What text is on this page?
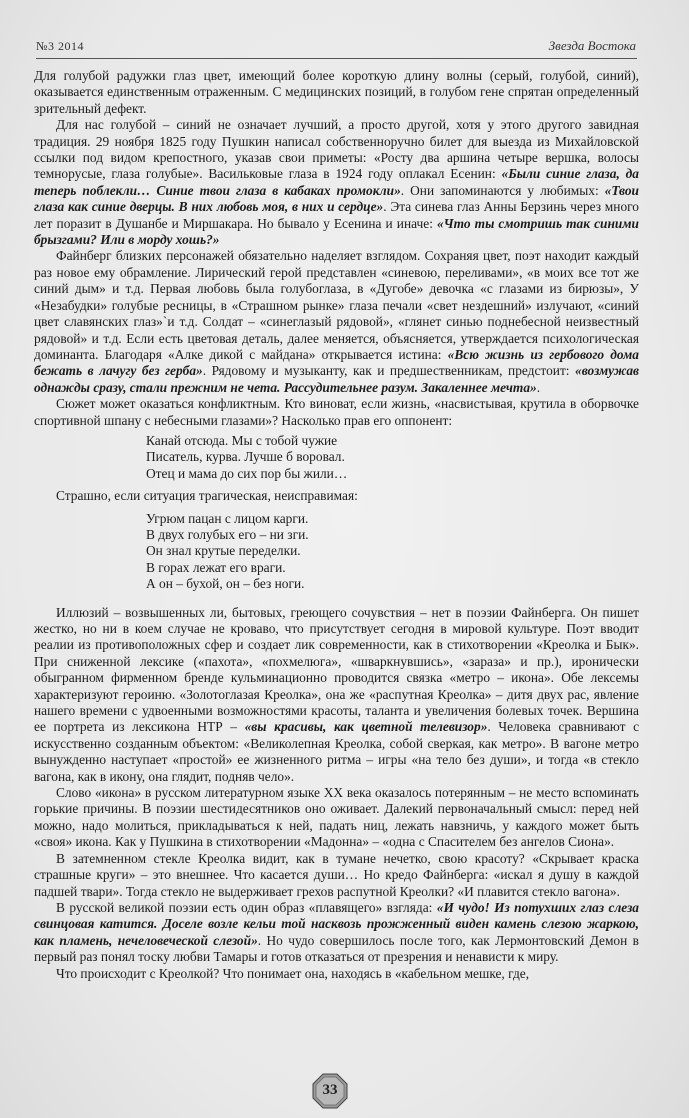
№3 2014	Звезда Востока

Для голубой радужки глаз цвет, имеющий более короткую длину волны (серый, голубой, синий), оказывается единственным отраженным. С медицинских позиций, в голубом гене спрятан определенный зрительный дефект.

Для нас голубой – синий не означает лучший, а просто другой, хотя у этого другого завидная традиция. 29 ноября 1825 году Пушкин написал собственноручно билет для выезда из Михайловской ссылки под видом крепостного, указав свои приметы: «Росту два аршина четыре вершка, волосы темнорусые, глаза голубые». Васильковые глаза в 1924 году оплакал Есенин: «Были синие глаза, да теперь поблекли… Синие твои глаза в кабаках промокли». Они запоминаются у любимых: «Твои глаза как синие дверцы. В них любовь моя, в них и сердце». Эта синева глаз Анны Берзинь через много лет поразит в Душанбе и Миршакара. Но бывало у Есенина и иначе: «Что ты смотришь так синими брызгами? Или в морду хошь?»

Файнберг близких персонажей обязательно наделяет взглядом. Сохраняя цвет, поэт находит каждый раз новое ему обрамление. Лирический герой представлен «синевою, переливами», «в моих все тот же синий дым» и т.д. Первая любовь была голубоглаза, в «Дугобе» девочка «с глазами из бирюзы», У «Незабудки» голубые ресницы, в «Страшном рынке» глаза печали «свет нездешний» излучают, «синий цвет славянских глаз»`и т.д. Солдат – «синеглазый рядовой», «глянет синью поднебесной неизвестный рядовой» и т.д. Если есть цветовая деталь, далее меняется, объясняется, утверждается психологическая доминанта. Благодаря «Алке дикой с майдана» открывается истина: «Всю жизнь из гербового дома бежать в лачугу без герба». Рядовому и музыканту, как и предшественникам, предстоит: «возмужав однажды сразу, стали прежним не чета. Рассудительнее разум. Закаленнее мечта».

Сюжет может оказаться конфликтным. Кто виноват, если жизнь, «насвистывая, крутила в оборвочке спортивной шпану с небесными глазами»? Насколько прав его оппонент:

Канай отсюда. Мы с тобой чужие
Писатель, курва. Лучше б воровал.
Отец и мама до сих пор бы жили…

Страшно, если ситуация трагическая, неисправимая:

Угрюм пацан с лицом карги.
В двух голубых его – ни зги.
Он знал крутые переделки.
В горах лежат его враги.
А он – бухой, он – без ноги.

Иллюзий – возвышенных ли, бытовых, греющего сочувствия – нет в поэзии Файнберга. Он пишет жестко, но ни в коем случае не кроваво, что присутствует сегодня в мировой культуре. Поэт вводит реалии из противоположных сфер и создает лик современности, как в стихотворении «Креолка и Бык». При сниженной лексике («пахота», «похмелюга», «шваркнувшись», «зараза» и пр.), иронически обыгранном фирменном бренде кульминационно проводится связка «метро – икона». Обе лексемы характеризуют героиню. «Золотоглазая Креолка», она же «распутная Креолка» – дитя двух рас, явление нашего времени с удвоенными возможностями красоты, таланта и увеличения болевых точек. Вершина ее портрета из лексикона НТР – «вы красивы, как цветной телевизор». Человека сравнивают с искусственно созданным объектом: «Великолепная Креолка, собой сверкая, как метро». В вагоне метро вынужденно наступает «простой» ее жизненного ритма – игры «на тело без души», и тогда «в стекло вагона, как в икону, она глядит, подняв чело».

Слово «икона» в русском литературном языке XX века оказалось потерянным – не место вспоминать горькие причины. В поэзии шестидесятников оно оживает. Далекий первоначальный смысл: перед ней можно, надо молиться, прикладываться к ней, падать ниц, лежать навзничь, у каждого может быть «своя» икона. Как у Пушкина в стихотворении «Мадонна» – «одна с Спасителем без ангелов Сиона».

В затемненном стекле Креолка видит, как в тумане нечетко, свою красоту? «Скрывает краска страшные круги» – это внешнее. Что касается души… Но кредо Файнберга: «искал я душу в каждой падшей твари». Тогда стекло не выдерживает грехов распутной Креолки? «И плавится стекло вагона».

В русской великой поэзии есть один образ «плавящего» взгляда: «И чудо! Из потухших глаз слеза свинцовая катится. Доселе возле кельи той насквозь прожженный виден камень слезою жаркою, как пламень, нечеловеческой слезой». Но чудо совершилось после того, как Лермонтовский Демон в первый раз понял тоску любви Тамары и готов отказаться от презрения и ненависти к миру.

Что происходит с Креолкой? Что понимает она, находясь в «кабельном мешке, где,

33
